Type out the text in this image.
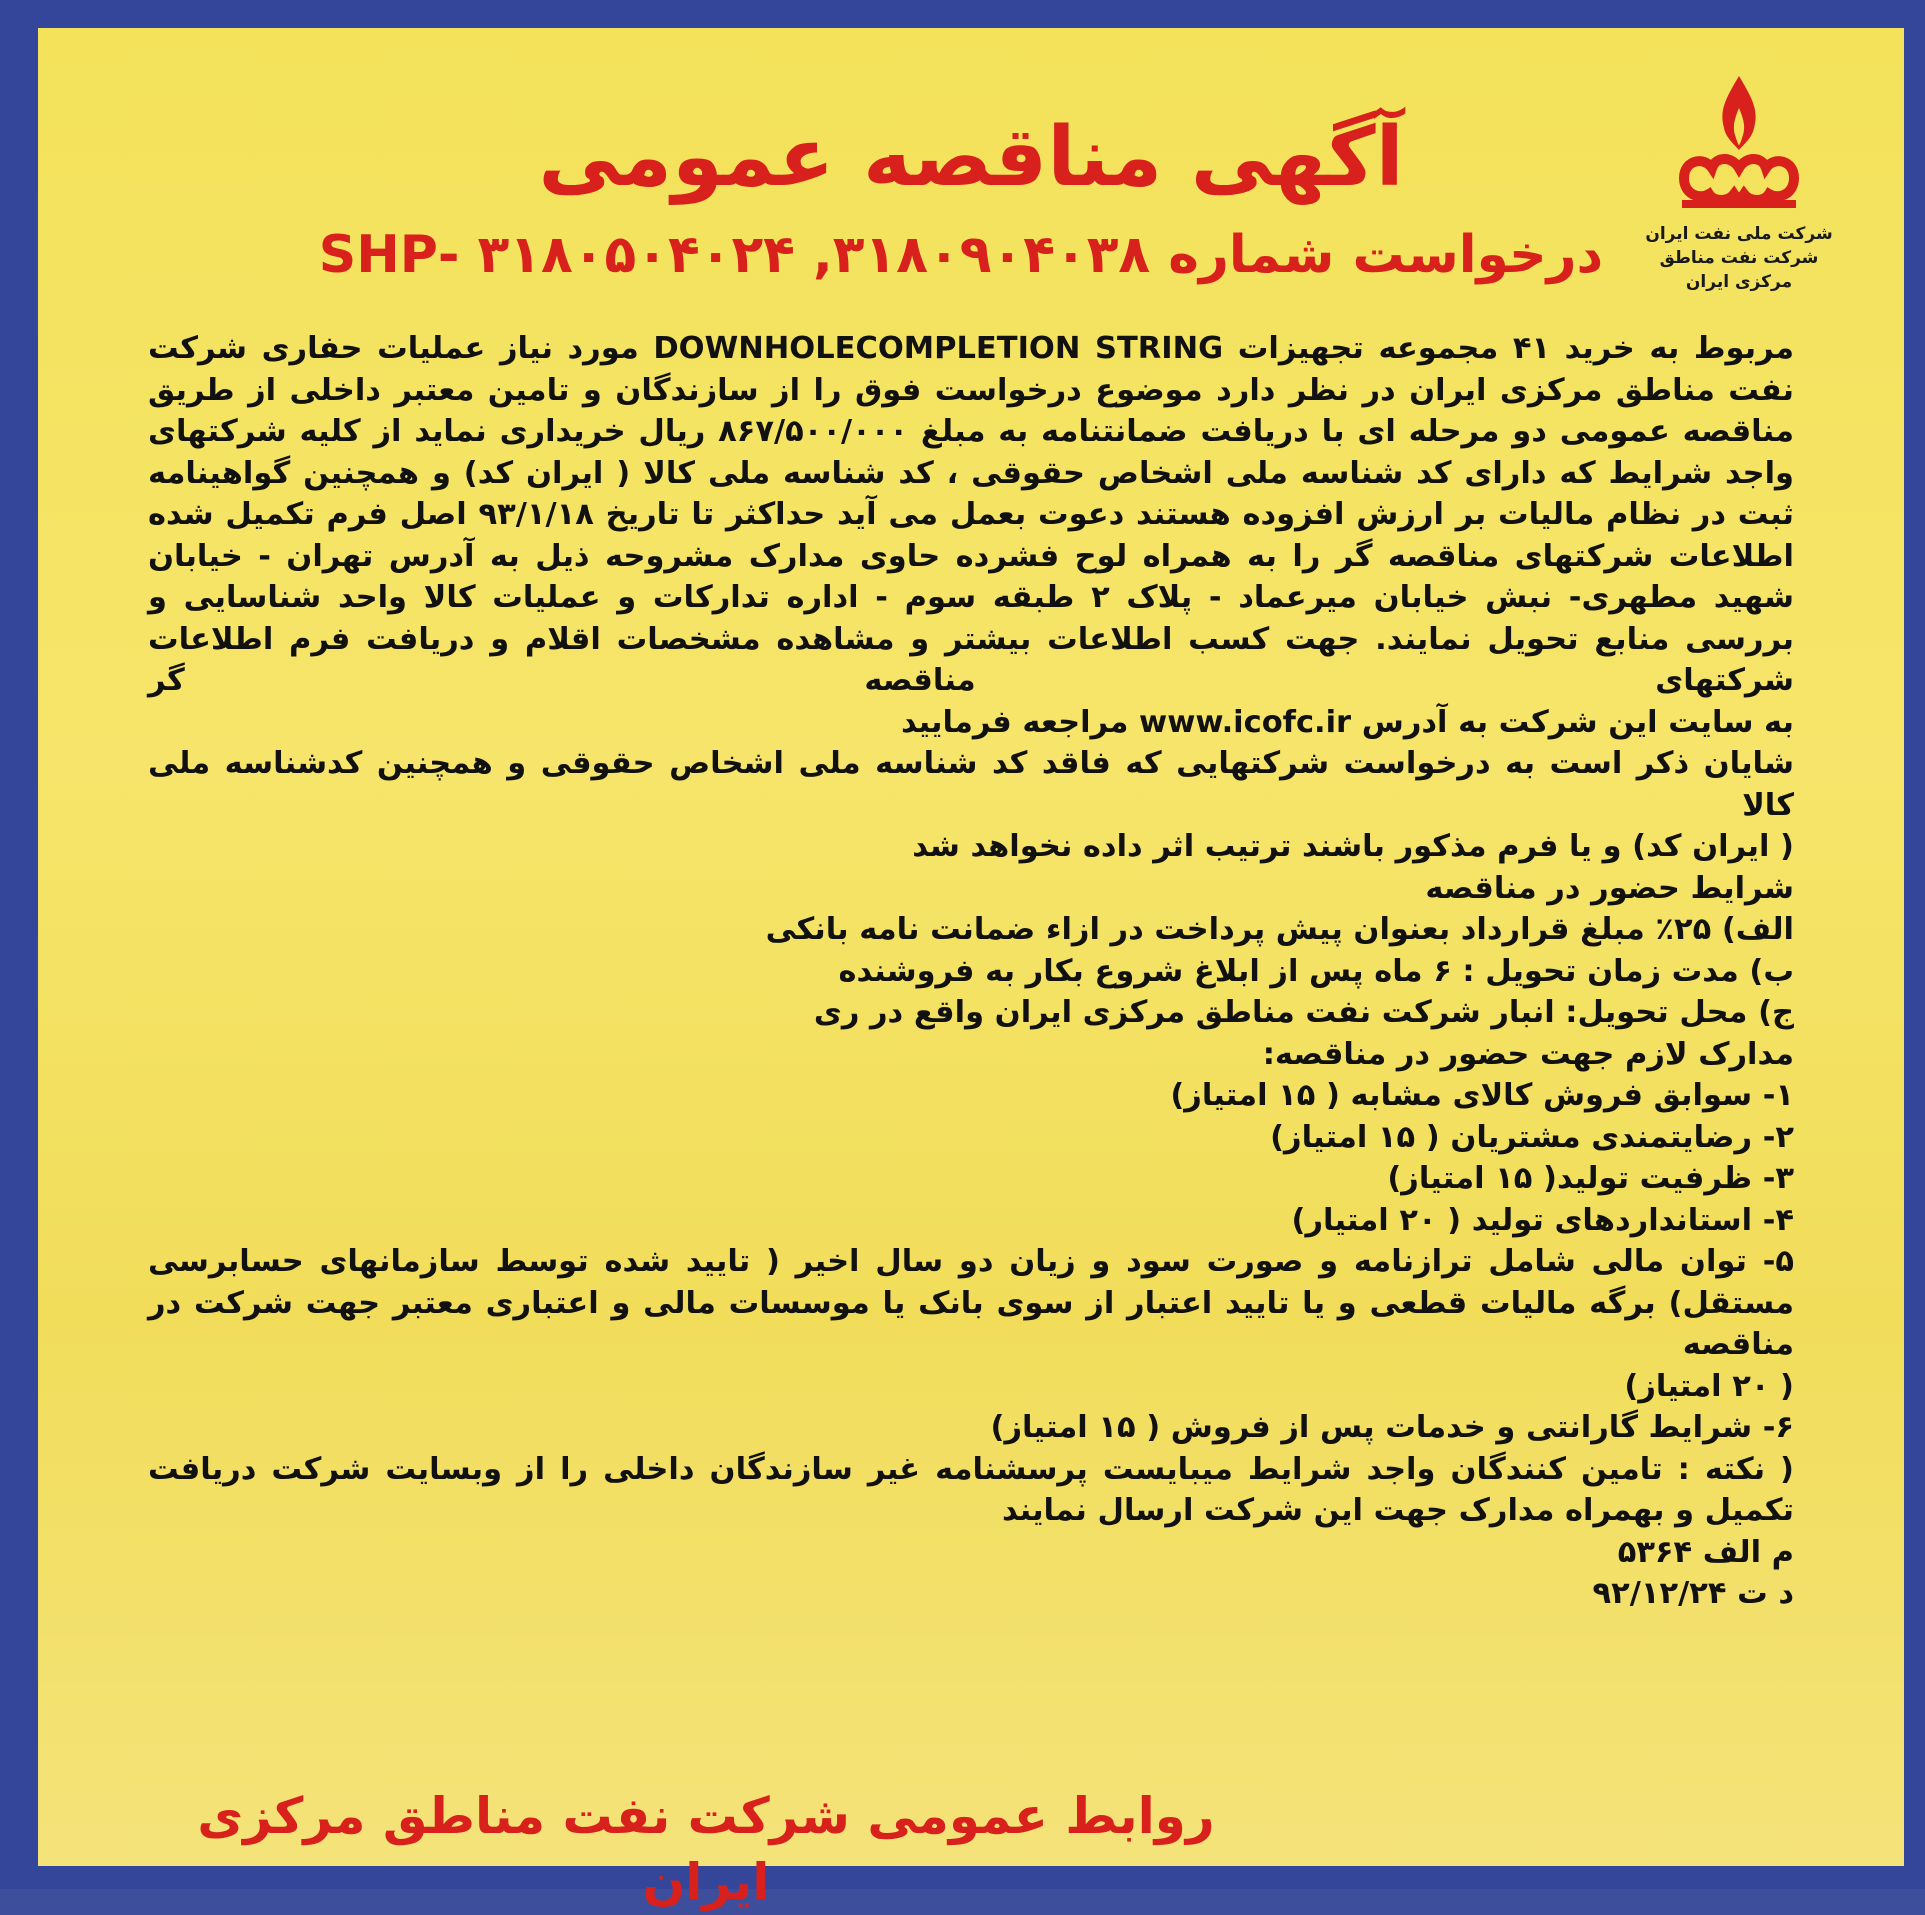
شرکت ملی نفت ایران
شرکت نفت مناطق
مرکزی ایران
آگهی مناقصه عمومی
درخواست شماره ۳۱۸۰۹۰۴۰۳۸, ۳۱۸۰۵۰۴۰۲۴ -SHP

مربوط به خرید ۴۱ مجموعه تجهیزات DOWNHOLECOMPLETION STRING مورد نیاز عملیات حفاری شرکت نفت مناطق مرکزی ایران در نظر دارد موضوع درخواست فوق را از سازندگان و تامین معتبر داخلی از طریق مناقصه عمومی دو مرحله ای با دریافت ضمانتنامه به مبلغ ۸۶۷/۵۰۰/۰۰۰ ریال خریداری نماید از کلیه شرکتهای واجد شرایط که دارای کد شناسه ملی اشخاص حقوقی ، کد شناسه ملی کالا ( ایران کد) و همچنین گواهینامه ثبت در نظام مالیات بر ارزش افزوده هستند دعوت بعمل می آید حداکثر تا تاریخ ۹۳/۱/۱۸ اصل فرم تکمیل شده اطلاعات شرکتهای مناقصه گر را به همراه لوح فشرده حاوی مدارک مشروحه ذیل به آدرس تهران - خیابان شهید مطهری- نبش خیابان میرعماد - پلاک ۲ طبقه سوم - اداره تدارکات و عملیات کالا واحد شناسایی و بررسی منابع تحویل نمایند. جهت کسب اطلاعات بیشتر و مشاهده مشخصات اقلام و دریافت فرم اطلاعات شرکتهای مناقصه گر

به سایت این شرکت به آدرس www.icofc.ir مراجعه فرمایید

شایان ذکر است به درخواست شرکتهایی که فاقد کد شناسه ملی اشخاص حقوقی و همچنین کدشناسه ملی کالا

( ایران کد) و یا فرم مذکور باشند ترتیب اثر داده نخواهد شد

شرایط حضور در مناقصه

الف) ۲۵٪ مبلغ قرارداد بعنوان پیش پرداخت در ازاء ضمانت نامه بانکی

ب) مدت زمان تحویل : ۶ ماه پس از ابلاغ شروع بکار به فروشنده

ج) محل تحویل: انبار شرکت نفت مناطق مرکزی ایران واقع در ری

مدارک لازم جهت حضور در مناقصه:

۱- سوابق فروش کالای مشابه ( ۱۵ امتیاز)

۲- رضایتمندی مشتریان ( ۱۵ امتیاز)

۳- ظرفیت تولید( ۱۵ امتیاز)

۴- استانداردهای تولید ( ۲۰ امتیار)

۵- توان مالی شامل ترازنامه و صورت سود و زیان دو سال اخیر ( تایید شده توسط سازمانهای حسابرسی مستقل) برگه مالیات قطعی و یا تایید اعتبار از سوی بانک یا موسسات مالی و اعتباری معتبر جهت شرکت در مناقصه

( ۲۰ امتیاز)

۶- شرایط گارانتی و خدمات پس از فروش ( ۱۵ امتیاز)

( نکته : تامین کنندگان واجد شرایط میبایست پرسشنامه غیر سازندگان داخلی را از وبسایت شرکت دریافت

تکمیل و بهمراه مدارک جهت این شرکت ارسال نمایند

م الف ۵۳۶۴

د ت ۹۲/۱۲/۲۴

روابط عمومی شرکت نفت مناطق مرکزی ایران
